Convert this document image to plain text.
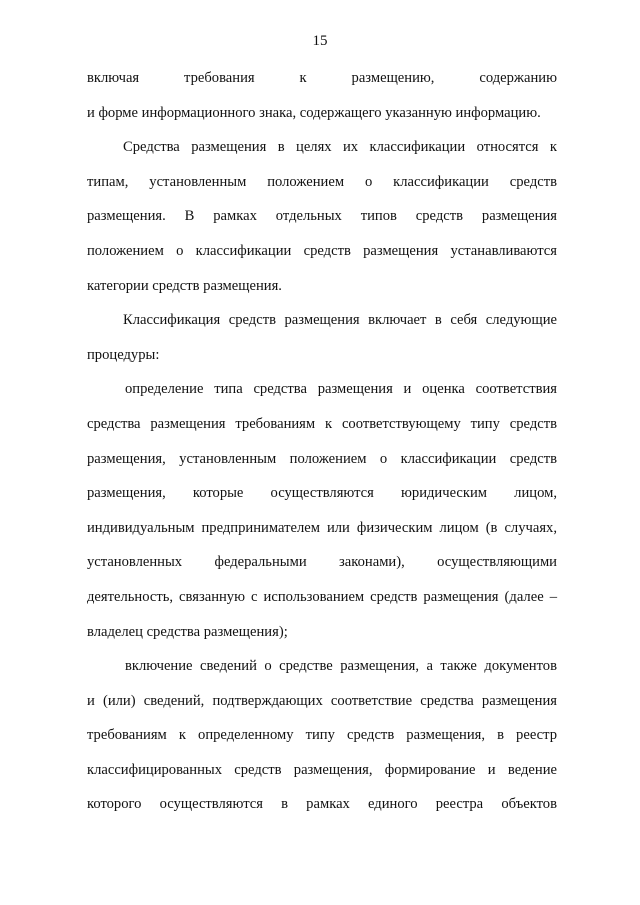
15
включая требования к размещению, содержанию
и форме информационного знака, содержащего указанную информацию.
Средства размещения в целях их классификации относятся к
типам, установленным положением о классификации средств
размещения. В рамках отдельных типов средств размещения
положением о классификации средств размещения устанавливаются
категории средств размещения.
Классификация средств размещения включает в себя следующие
процедуры:
определение типа средства размещения и оценка соответствия
средства размещения требованиям к соответствующему типу средств
размещения, установленным положением о классификации средств
размещения, которые осуществляются юридическим лицом,
индивидуальным предпринимателем или физическим лицом (в случаях,
установленных федеральными законами), осуществляющими
деятельность, связанную с использованием средств размещения (далее –
владелец средства размещения);
включение сведений о средстве размещения, а также документов
и (или) сведений, подтверждающих соответствие средства размещения
требованиям к определенному типу средств размещения, в реестр
классифицированных средств размещения, формирование и ведение
которого осуществляются в рамках единого реестра объектов
